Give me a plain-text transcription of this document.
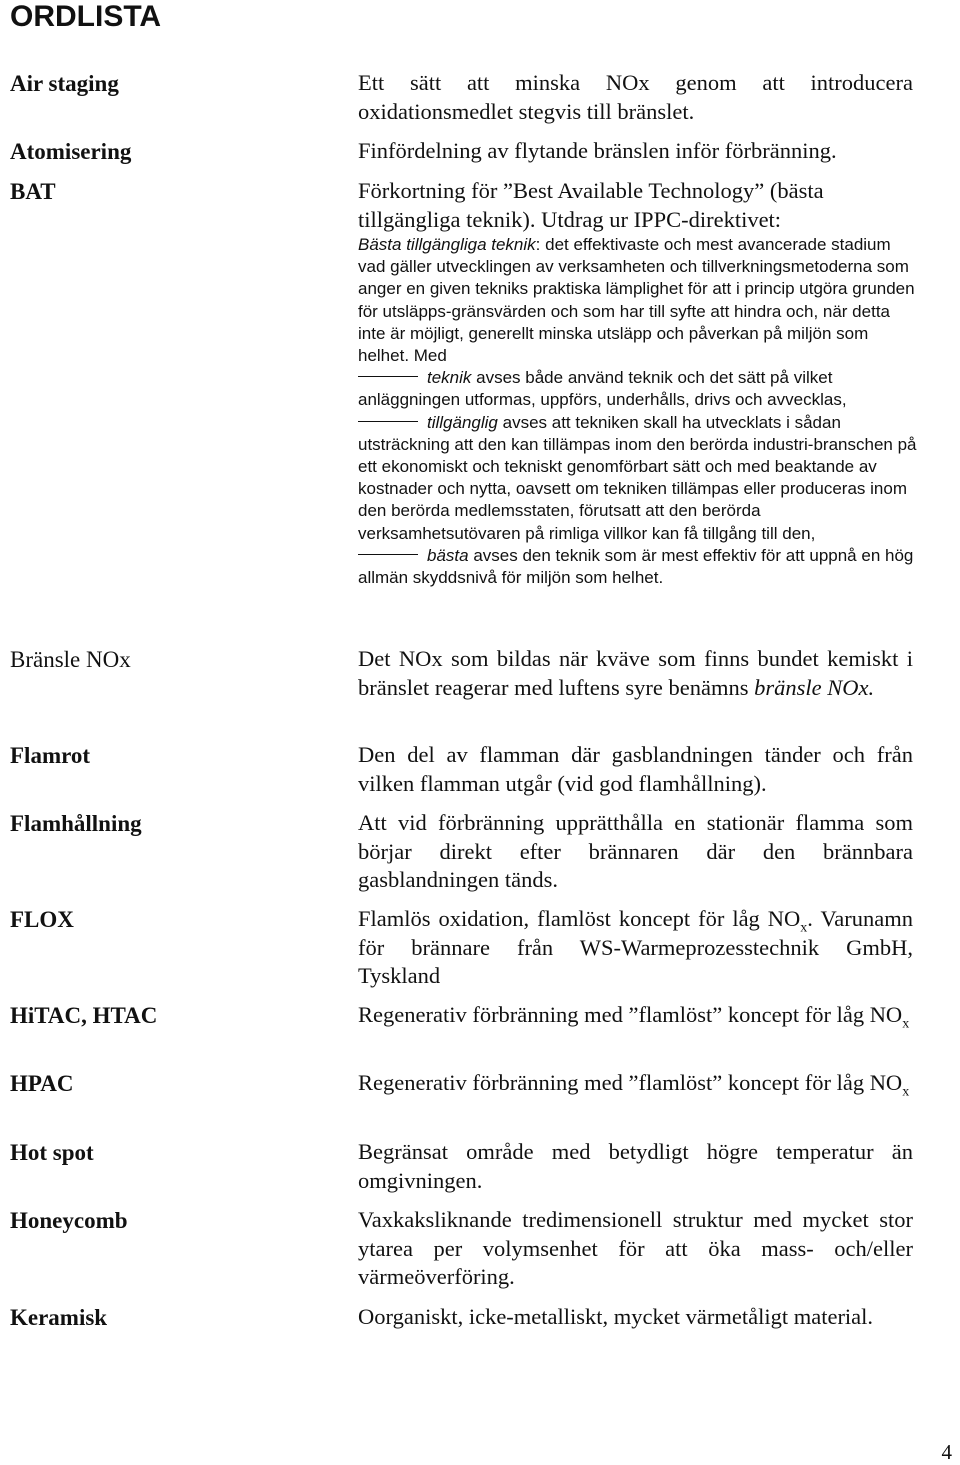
ORDLISTA
Air staging	Ett sätt att minska NOx genom att introducera oxidationsmedlet stegvis till bränslet.
Atomisering	Finfördelning av flytande bränslen inför förbränning.
BAT	Förkortning för ”Best Available Technology” (bästa
tillgängliga teknik). Utdrag ur IPPC-direktivet:

Bästa tillgängliga teknik: det effektivaste och mest avancerade stadium vad gäller utvecklingen av verksamheten och tillverkningsmetoderna som anger en given tekniks praktiska lämplighet för att i princip utgöra grunden för utsläpps-gränsvärden och som har till syfte att hindra och, när detta inte är möjligt, generellt minska utsläpp och påverkan på miljön som helhet. Med

teknik avses både använd teknik och det sätt på vilket anläggningen utformas, uppförs, underhålls, drivs och avvecklas,

tillgänglig avses att tekniken skall ha utvecklats i sådan utsträckning att den kan tillämpas inom den berörda industri-branschen på ett ekonomiskt och tekniskt genomförbart sätt och med beaktande av kostnader och nytta, oavsett om tekniken tillämpas eller produceras inom den berörda medlemsstaten, förutsatt att den berörda verksamhetsutövaren på rimliga villkor kan få tillgång till den,

bästa avses den teknik som är mest effektiv för att uppnå en hög allmän skyddsnivå för miljön som helhet.

Bränsle NOx	Det NOx som bildas när kväve som finns bundet kemiskt i bränslet reagerar med luftens syre benämns bränsle NOx.
Flamrot	Den del av flamman där gasblandningen tänder och från vilken flamman utgår (vid god flamhållning).
Flamhållning	Att vid förbränning upprätthålla en stationär flamma som börjar direkt efter brännaren där den brännbara gasblandningen tänds.
FLOX	Flamlös oxidation, flamlöst koncept för låg $NO_x$. Varunamn för brännare från WS-Warmeprozesstechnik GmbH, Tyskland
HiTAC, HTAC	Regenerativ förbränning med ”flamlöst” koncept för låg $NO_x$
HPAC	Regenerativ förbränning med ”flamlöst” koncept för låg $NO_x$
Hot spot	Begränsat område med betydligt högre temperatur än omgivningen.
Honeycomb	Vaxkaksliknande tredimensionell struktur med mycket stor ytarea per volymsenhet för att öka mass- och/eller värmeöverföring.
Keramisk	Oorganiskt, icke-metalliskt, mycket värmetåligt material.
4
